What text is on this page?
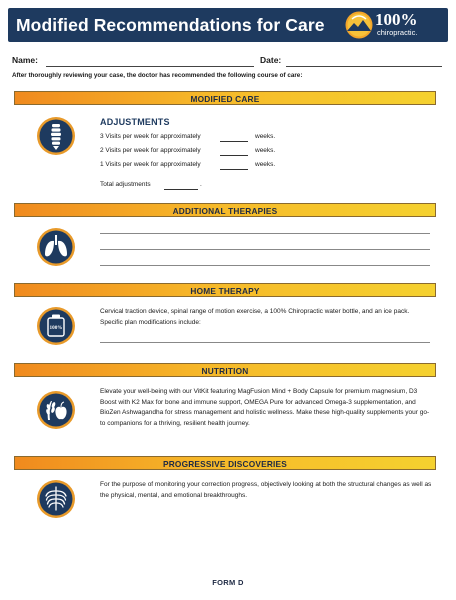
Modified Recommendations for Care	100%
chiropractic.
Name:	Date:
After thoroughly reviewing your case, the doctor has recommended the following course of care:
MODIFIED CARE
ADJUSTMENTS
3 Visits per week for approximately	weeks.
2 Visits per week for approximately	weeks.
1 Visits per week for approximately	weeks.
Total adjustments	.
ADDITIONAL THERAPIES
HOME THERAPY
100%
Cervical traction device, spinal range of motion exercise, a 100% Chiropractic water bottle, and an ice pack. Specific plan modifications include:
NUTRITION
Elevate your well-being with our VitKit featuring MagFusion Mind + Body Capsule for premium magnesium, D3 Boost with K2 Max for bone and immune support, OMEGA Pure for advanced Omega-3 supplementation, and BioZen Ashwagandha for stress management and holistic wellness. Make these high-quality supplements your go-to companions for a thriving, resilient health journey.
PROGRESSIVE DISCOVERIES
For the purpose of monitoring your correction progress, objectively looking at both the structural changes as well as the physical, mental, and emotional breakthroughs.
FORM D
